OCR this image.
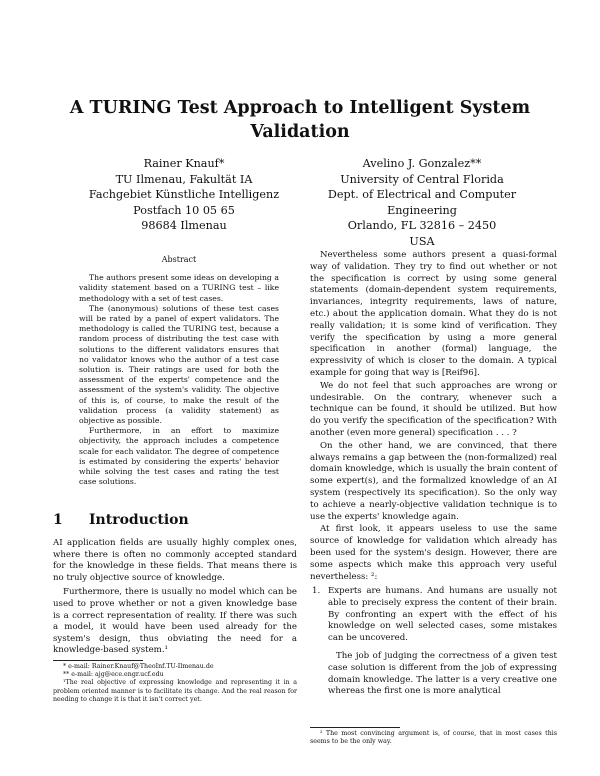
A TURING Test Approach to Intelligent System Validation
Rainer Knauf*
TU Ilmenau, Fakultät IA
Fachgebiet Künstliche Intelligenz
Postfach 10 05 65
98684 Ilmenau
Avelino J. Gonzalez**
University of Central Florida
Dept. of Electrical and Computer Engineering
Orlando, FL 32816 – 2450
USA
Abstract

The authors present some ideas on developing a validity statement based on a TURING test – like methodology with a set of test cases.

The (anonymous) solutions of these test cases will be rated by a panel of expert validators. The methodology is called the TURING test, because a random process of distributing the test case with solutions to the different validators ensures that no validator knows who the author of a test case solution is. Their ratings are used for both the assessment of the experts' competence and the assessment of the system's validity. The objective of this is, of course, to make the result of the validation process (a validity statement) as objective as possible.

Furthermore, in an effort to maximize objectivity, the approach includes a competence scale for each validator. The degree of competence is estimated by considering the experts' behavior while solving the test cases and rating the test case solutions.

1 Introduction

AI application fields are usually highly complex ones, where there is often no commonly accepted standard for the knowledge in these fields. That means there is no truly objective source of knowledge.

Furthermore, there is usually no model which can be used to prove whether or not a given knowledge base is a correct representation of reality. If there was such a model, it would have been used already for the system's design, thus obviating the need for a knowledge-based system.¹

* e-mail: Rainer.Knauf@TheoInf.TU-Ilmenau.de

** e-mail: ajg@ece.engr.ucf.edu

¹The real objective of expressing knowledge and representing it in a problem oriented manner is to facilitate its change. And the real reason for needing to change it is that it isn't correct yet.

Nevertheless some authors present a quasi-formal way of validation. They try to find out whether or not the specification is correct by using some general statements (domain-dependent system requirements, invariances, integrity requirements, laws of nature, etc.) about the application domain. What they do is not really validation; it is some kind of verification. They verify the specification by using a more general specification in another (formal) language, the expressivity of which is closer to the domain. A typical example for going that way is [Reif96].

We do not feel that such approaches are wrong or undesirable. On the contrary, whenever such a technique can be found, it should be utilized. But how do you verify the specification of the specification? With another (even more general) specification . . . ?

On the other hand, we are convinced, that there always remains a gap between the (non-formalized) real domain knowledge, which is usually the brain content of some expert(s), and the formalized knowledge of an AI system (respectively its specification). So the only way to achieve a nearly-objective validation technique is to use the experts' knowledge again.

At first look, it appears useless to use the same source of knowledge for validation which already has been used for the system's design. However, there are some aspects which make this approach very useful nevertheless: ²:

1. Experts are humans. And humans are usually not able to precisely express the content of their brain. By confronting an expert with the effect of his knowledge on well selected cases, some mistakes can be uncovered.
The job of judging the correctness of a given test case solution is different from the job of expressing domain knowledge. The latter is a very creative one whereas the first one is more analytical

² The most convincing argument is, of course, that in most cases this seems to be the only way.
